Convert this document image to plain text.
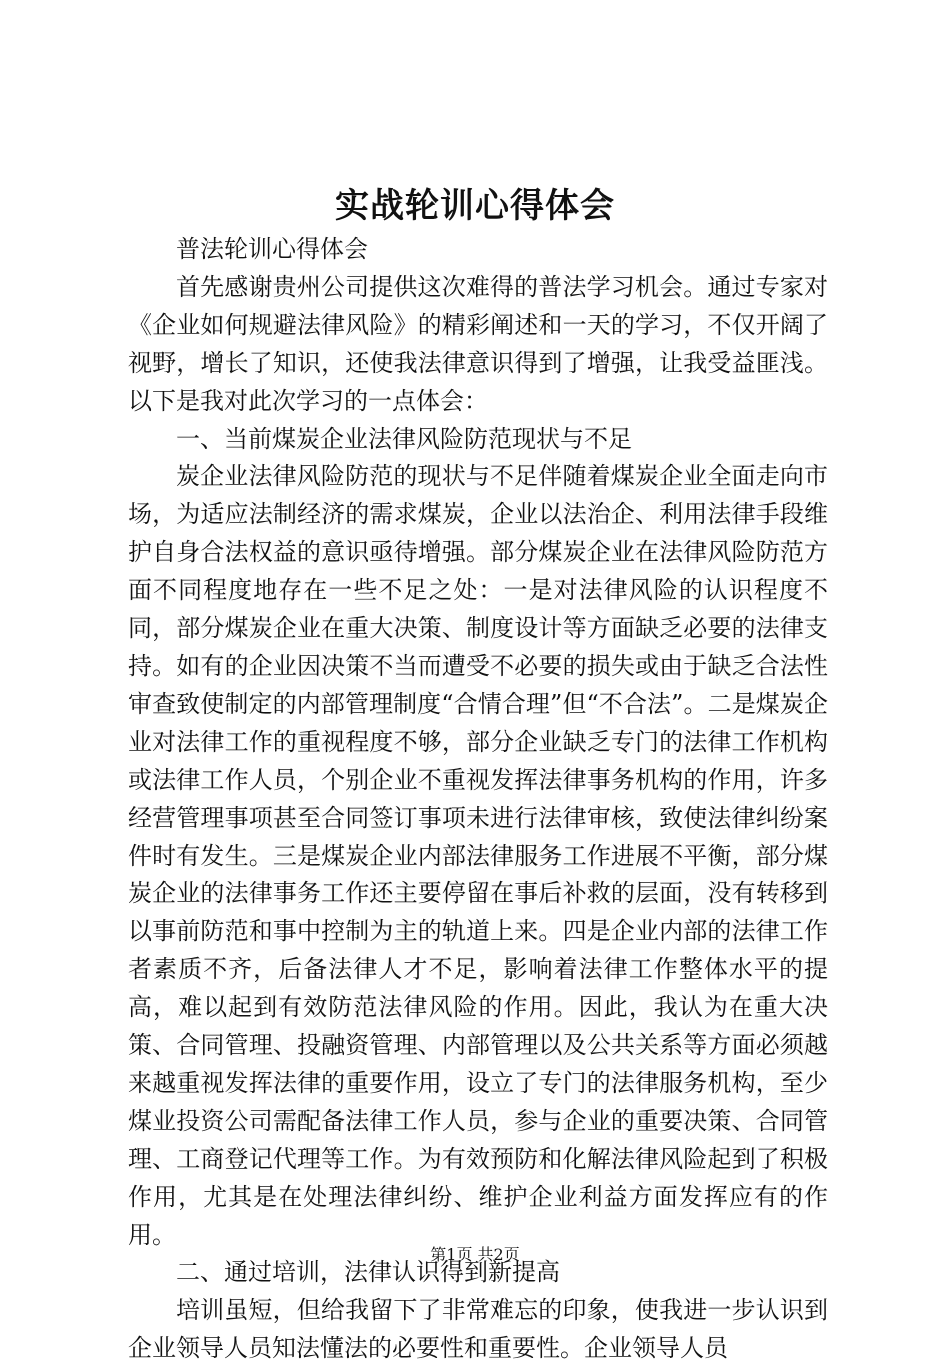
实战轮训心得体会

普法轮训心得体会

首先感谢贵州公司提供这次难得的普法学习机会。通过专家对《企业如何规避法律风险》的精彩阐述和一天的学习，不仅开阔了视野，增长了知识，还使我法律意识得到了增强，让我受益匪浅。以下是我对此次学习的一点体会：

一、当前煤炭企业法律风险防范现状与不足

炭企业法律风险防范的现状与不足伴随着煤炭企业全面走向市场，为适应法制经济的需求煤炭，企业以法治企、利用法律手段维护自身合法权益的意识亟待增强。部分煤炭企业在法律风险防范方面不同程度地存在一些不足之处：一是对法律风险的认识程度不同，部分煤炭企业在重大决策、制度设计等方面缺乏必要的法律支持。如有的企业因决策不当而遭受不必要的损失或由于缺乏合法性审查致使制定的内部管理制度“合情合理”但“不合法”。二是煤炭企业对法律工作的重视程度不够，部分企业缺乏专门的法律工作机构或法律工作人员，个别企业不重视发挥法律事务机构的作用，许多经营管理事项甚至合同签订事项未进行法律审核，致使法律纠纷案件时有发生。三是煤炭企业内部法律服务工作进展不平衡，部分煤炭企业的法律事务工作还主要停留在事后补救的层面，没有转移到以事前防范和事中控制为主的轨道上来。四是企业内部的法律工作者素质不齐，后备法律人才不足，影响着法律工作整体水平的提高，难以起到有效防范法律风险的作用。因此，我认为在重大决策、合同管理、投融资管理、内部管理以及公共关系等方面必须越来越重视发挥法律的重要作用，设立了专门的法律服务机构，至少煤业投资公司需配备法律工作人员，参与企业的重要决策、合同管理、工商登记代理等工作。为有效预防和化解法律风险起到了积极作用，尤其是在处理法律纠纷、维护企业利益方面发挥应有的作用。

二、通过培训，法律认识得到新提高

培训虽短，但给我留下了非常难忘的印象，使我进一步认识到企业领导人员知法懂法的必要性和重要性。企业领导人员

第1页 共2页
